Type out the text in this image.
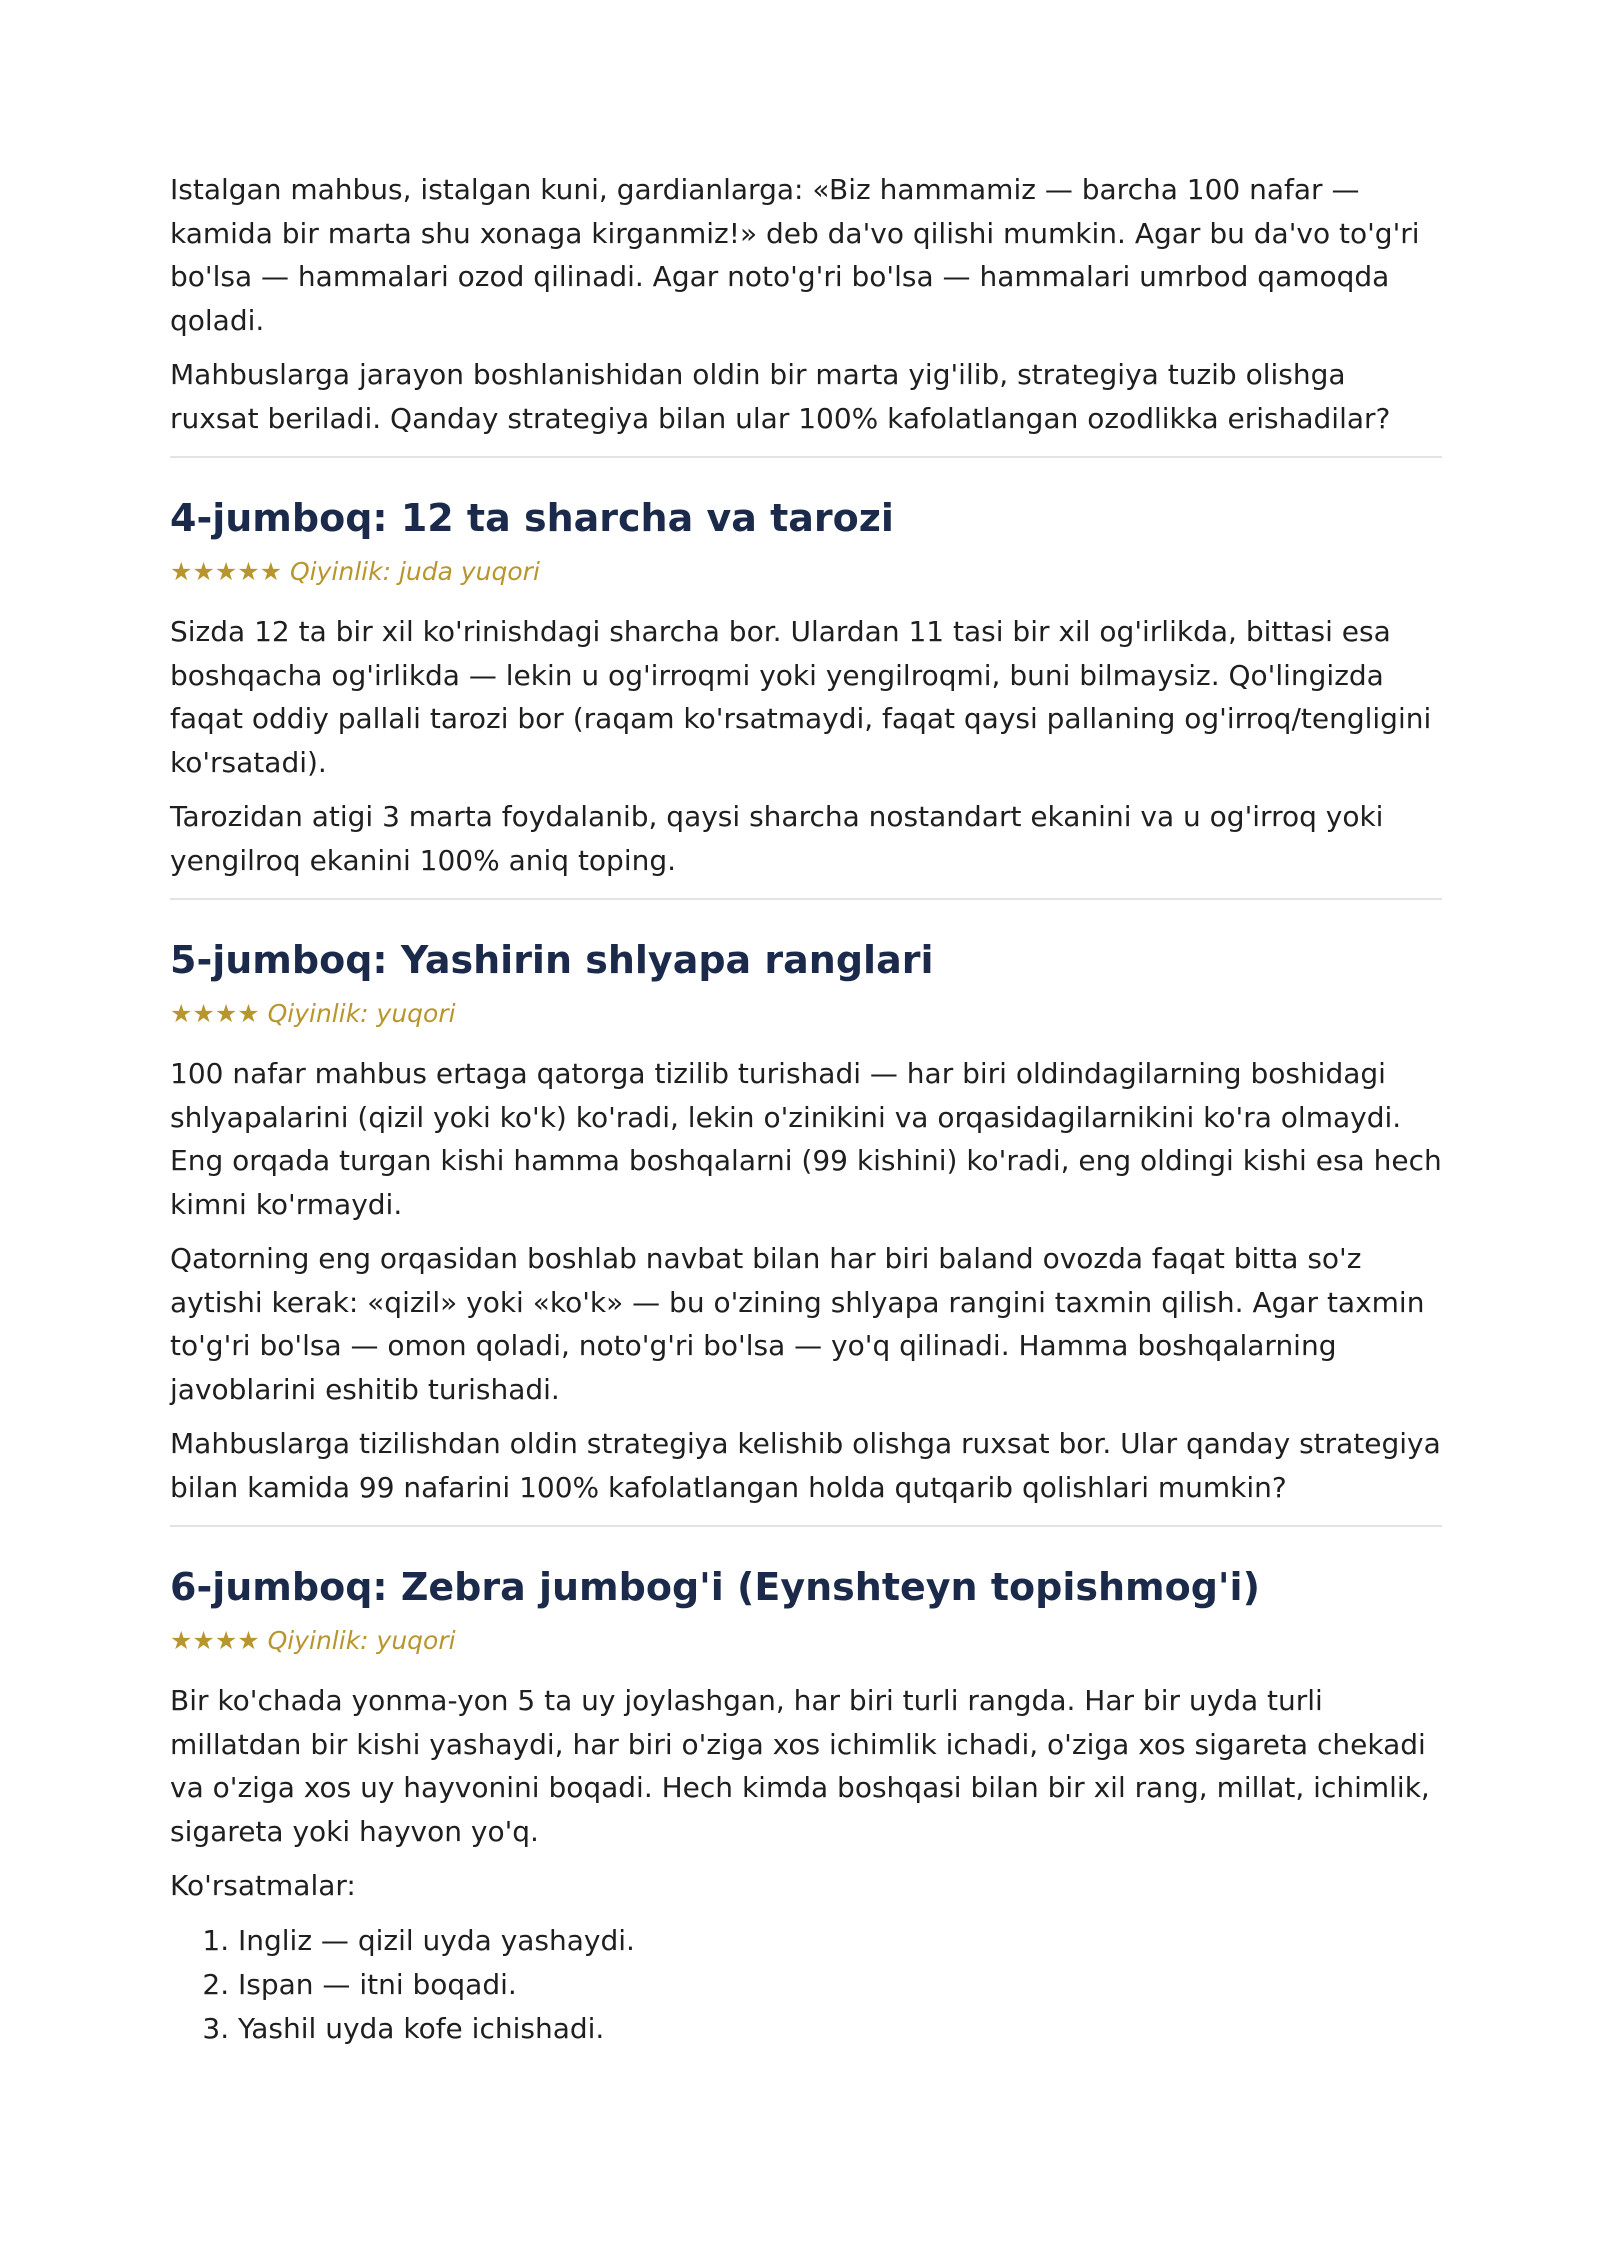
Istalgan mahbus, istalgan kuni, gardianlarga: «Biz hammamiz — barcha 100 nafar — kamida bir marta shu xonaga kirganmiz!» deb da'vo qilishi mumkin. Agar bu da'vo to'g'ri bo'lsa — hammalari ozod qilinadi. Agar noto'g'ri bo'lsa — hammalari umrbod qamoqda qoladi.

Mahbuslarga jarayon boshlanishidan oldin bir marta yig'ilib, strategiya tuzib olishga ruxsat beriladi. Qanday strategiya bilan ular 100% kafolatlangan ozodlikka erishadilar?

4-jumboq: 12 ta sharcha va tarozi
★★★★★ Qiyinlik: juda yuqori

Sizda 12 ta bir xil ko'rinishdagi sharcha bor. Ulardan 11 tasi bir xil og'irlikda, bittasi esa boshqacha og'irlikda — lekin u og'irroqmi yoki yengilroqmi, buni bilmaysiz. Qo'lingizda faqat oddiy pallali tarozi bor (raqam ko'rsatmaydi, faqat qaysi pallaning og'irroq/tengligini ko'rsatadi).

Tarozidan atigi 3 marta foydalanib, qaysi sharcha nostandart ekanini va u og'irroq yoki yengilroq ekanini 100% aniq toping.

5-jumboq: Yashirin shlyapa ranglari
★★★★ Qiyinlik: yuqori

100 nafar mahbus ertaga qatorga tizilib turishadi — har biri oldindagilarning boshidagi shlyapalarini (qizil yoki ko'k) ko'radi, lekin o'zinikini va orqasidagilarnikini ko'ra olmaydi. Eng orqada turgan kishi hamma boshqalarni (99 kishini) ko'radi, eng oldingi kishi esa hech kimni ko'rmaydi.

Qatorning eng orqasidan boshlab navbat bilan har biri baland ovozda faqat bitta so'z aytishi kerak: «qizil» yoki «ko'k» — bu o'zining shlyapa rangini taxmin qilish. Agar taxmin to'g'ri bo'lsa — omon qoladi, noto'g'ri bo'lsa — yo'q qilinadi. Hamma boshqalarning javoblarini eshitib turishadi.

Mahbuslarga tizilishdan oldin strategiya kelishib olishga ruxsat bor. Ular qanday strategiya bilan kamida 99 nafarini 100% kafolatlangan holda qutqarib qolishlari mumkin?

6-jumboq: Zebra jumbog'i (Eynshteyn topishmog'i)
★★★★ Qiyinlik: yuqori

Bir ko'chada yonma-yon 5 ta uy joylashgan, har biri turli rangda. Har bir uyda turli millatdan bir kishi yashaydi, har biri o'ziga xos ichimlik ichadi, o'ziga xos sigareta chekadi va o'ziga xos uy hayvonini boqadi. Hech kimda boshqasi bilan bir xil rang, millat, ichimlik, sigareta yoki hayvon yo'q.

Ko'rsatmalar:

1. Ingliz — qizil uyda yashaydi.
2. Ispan — itni boqadi.
3. Yashil uyda kofe ichishadi.
